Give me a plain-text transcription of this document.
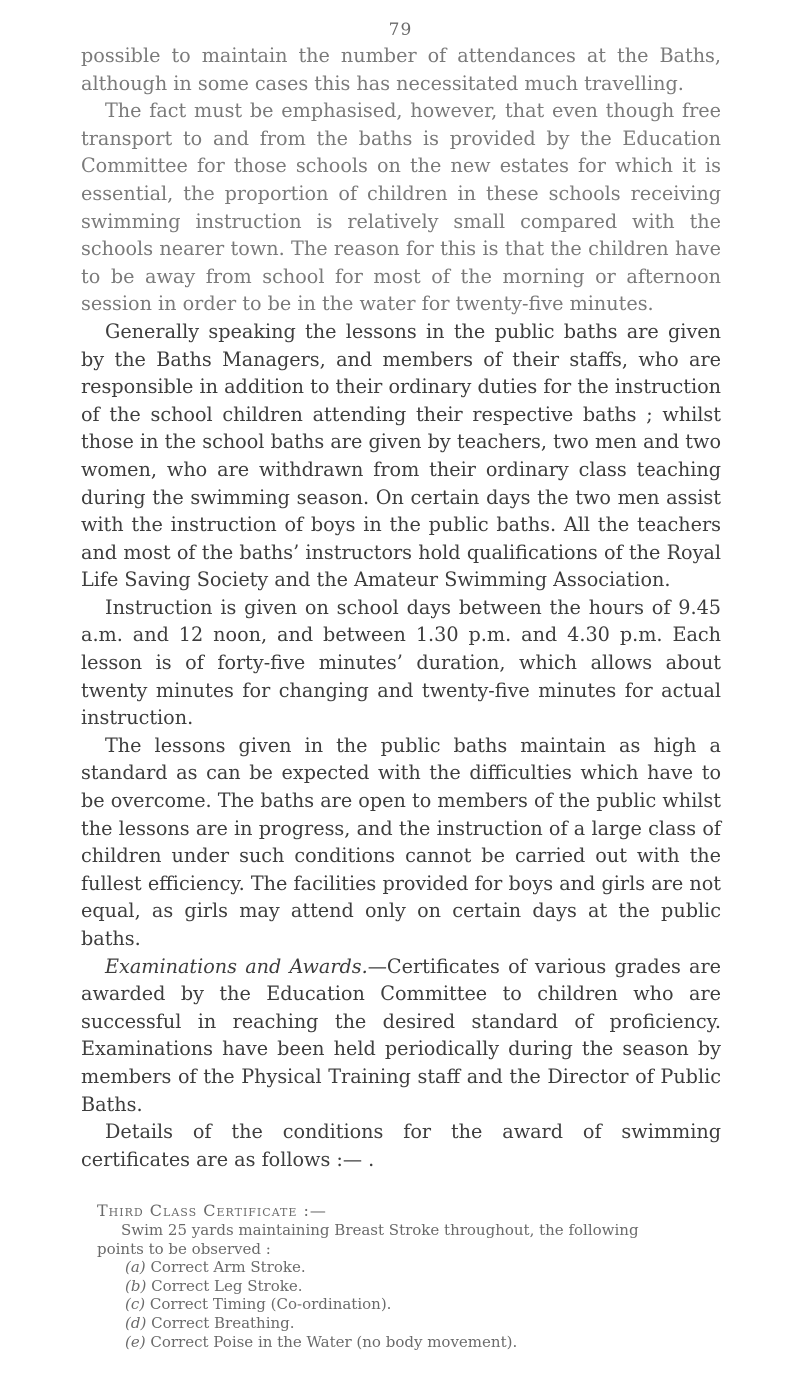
79

possible to maintain the number of attendances at the Baths, although in some cases this has necessitated much travelling.

The fact must be emphasised, however, that even though free transport to and from the baths is provided by the Education Committee for those schools on the new estates for which it is essential, the proportion of children in these schools receiving swimming instruction is relatively small compared with the schools nearer town. The reason for this is that the children have to be away from school for most of the morning or afternoon session in order to be in the water for twenty-five minutes.

Generally speaking the lessons in the public baths are given by the Baths Managers, and members of their staffs, who are responsible in addition to their ordinary duties for the instruction of the school children attending their respective baths ; whilst those in the school baths are given by teachers, two men and two women, who are withdrawn from their ordinary class teaching during the swimming season. On certain days the two men assist with the instruction of boys in the public baths. All the teachers and most of the baths’ instructors hold qualifications of the Royal Life Saving Society and the Amateur Swimming Association.

Instruction is given on school days between the hours of 9.45 a.m. and 12 noon, and between 1.30 p.m. and 4.30 p.m. Each lesson is of forty-five minutes’ duration, which allows about twenty minutes for changing and twenty-five minutes for actual instruction.

The lessons given in the public baths maintain as high a standard as can be expected with the difficulties which have to be overcome. The baths are open to members of the public whilst the lessons are in progress, and the instruction of a large class of children under such conditions cannot be carried out with the fullest efficiency. The facilities provided for boys and girls are not equal, as girls may attend only on certain days at the public baths.

Examinations and Awards.—Certificates of various grades are awarded by the Education Committee to children who are successful in reaching the desired standard of proficiency. Examinations have been held periodically during the season by members of the Physical Training staff and the Director of Public Baths.

Details of the conditions for the award of swimming certificates are as follows :— .

Third Class Certificate :—

Swim 25 yards maintaining Breast Stroke throughout, the following
points to be observed :

(a) Correct Arm Stroke.
(b) Correct Leg Stroke.
(c) Correct Timing (Co-ordination).
(d) Correct Breathing.
(e) Correct Poise in the Water (no body movement).
